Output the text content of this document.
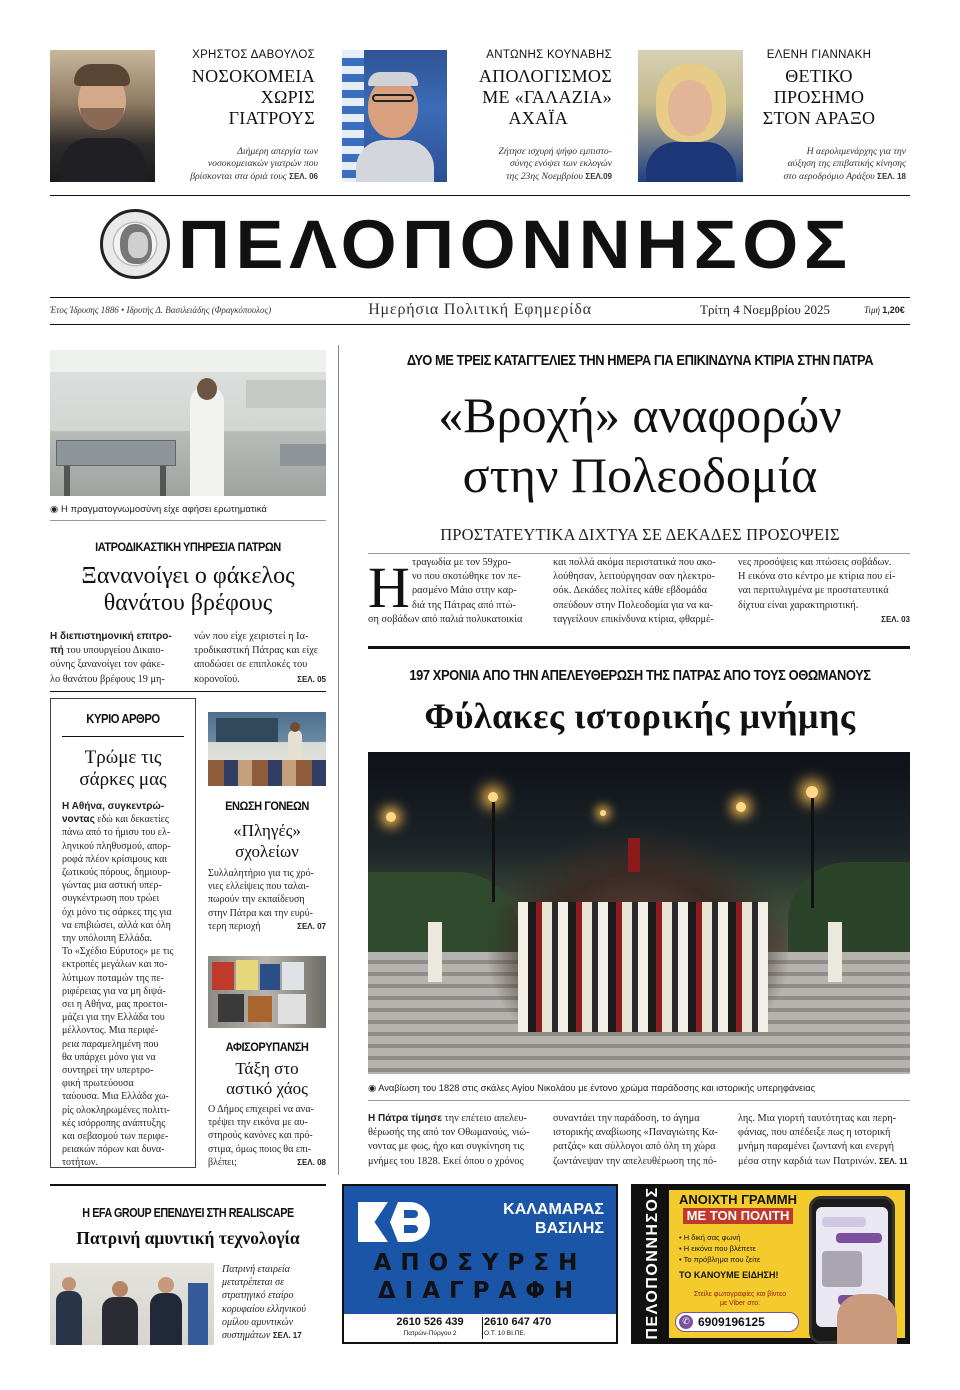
ΧΡΗΣΤΟΣ ΔΑΒΟΥΛΟΣ
ΝΟΣΟΚΟΜΕΙΑ
ΧΩΡΙΣ
ΓΙΑΤΡΟΥΣ
Διήμερη απεργία των
νοσοκομειακών γιατρών που
βρίσκονται στα όριά τους ΣΕΛ. 06
ΑΝΤΩΝΗΣ ΚΟΥΝΑΒΗΣ
ΑΠΟΛΟΓΙΣΜΟΣ
ΜΕ «ΓΑΛΑΖΙΑ»
ΑΧΑΪΑ
Ζήτησε ισχυρή ψήφο εμπιστο-
σύνης ενόψει των εκλογών
της 23ης Νοεμβρίου ΣΕΛ.09
ΕΛΕΝΗ ΓΙΑΝΝΑΚΗ
ΘΕΤΙΚΟ
ΠΡΟΣΗΜΟ
ΣΤΟΝ ΑΡΑΞΟ
Η αερολιμενάρχης για την
αύξηση της επιβατικής κίνησης
στο αεροδρόμιο Αράξου ΣΕΛ. 18
ΠΕΛΟΠΟΝΝΗΣΟΣ
Έτος Ίδρυσης 1886 • Ιδρυτής Δ. Βασιλειάδης (Φραγκόπουλος)	Ημερήσια Πολιτική Εφημερίδα	Τρίτη 4 Νοεμβρίου 2025	Τιμή 1,20€
◉ Η πραγματογνωμοσύνη είχε αφήσει ερωτηματικά
ΙΑΤΡΟΔΙΚΑΣΤΙΚΗ ΥΠΗΡΕΣΙΑ ΠΑΤΡΩΝ
Ξανανοίγει ο φάκελος
θανάτου βρέφους
Η διεπιστημονική επιτρο-
πή του υπουργείου Δικαιο-
σύνης ξανανοίγει τον φάκε-
λο θανάτου βρέφους 19 μη-
νών που είχε χειριστεί η Ια-
τροδικαστική Πάτρας και είχε
αποδώσει σε επιπλοκές του
κορονοϊού.	ΣΕΛ. 05
ΚΥΡΙΟ ΑΡΘΡΟ
Τρώμε τις
σάρκες μας
Η Αθήνα, συγκεντρώ-
νοντας εδώ και δεκαετίες
πάνω από το ήμισυ του ελ-
ληνικού πληθυσμού, απορ-
ροφά πλέον κρίσιμους και
ζωτικούς πόρους, δημιουρ-
γώντας μια αστική υπερ-
συγκέντρωση που τρώει
όχι μόνο τις σάρκες της για
να επιβιώσει, αλλά και όλη
την υπόλοιπη Ελλάδα.
Το «Σχέδιο Εύρυτος» με τις
εκτροπές μεγάλων και πο-
λύτιμων ποταμών της πε-
ριφέρειας για να μη διψά-
σει η Αθήνα, μας προετοι-
μάζει για την Ελλάδα του
μέλλοντος. Μια περιφέ-
ρεια παραμελημένη που
θα υπάρχει μόνο για να
συντηρεί την υπερτρο-
φική πρωτεύουσα
ταύουσα. Μια Ελλάδα χω-
ρίς ολοκληρωμένες πολιτι-
κές ισόρροπης ανάπτυξης
και σεβασμού των περιφε-
ρειακών πόρων και δυνα-
τοτήτων.
ΕΝΩΣΗ ΓΟΝΕΩΝ
«Πληγές»
σχολείων
Συλλαλητήριο για τις χρό-
νιες ελλείψεις που ταλαι-
πωρούν την εκπαίδευση
στην Πάτρα και την ευρύ-
τερη περιοχή	ΣΕΛ. 07
ΑΦΙΣΟΡΥΠΑΝΣΗ
Τάξη στο
αστικό χάος
Ο Δήμος επιχειρεί να ανα-
τρέψει την εικόνα με αυ-
στηρούς κανόνες και πρό-
στιμα, όμως ποιος θα επι-
βλέπει;	ΣΕΛ. 08
ΔΥΟ ΜΕ ΤΡΕΙΣ ΚΑΤΑΓΓΕΛΙΕΣ ΤΗΝ ΗΜΕΡΑ ΓΙΑ ΕΠΙΚΙΝΔΥΝΑ ΚΤΙΡΙΑ ΣΤΗΝ ΠΑΤΡΑ
«Βροχή» αναφορών
στην Πολεοδομία
ΠΡΟΣΤΑΤΕΥΤΙΚΑ ΔΙΧΤΥΑ ΣΕ ΔΕΚΑΔΕΣ ΠΡΟΣΟΨΕΙΣ
Η τραγωδία με τον 59χρο-
νο που σκοτώθηκε τον πε-
ρασμένο Μάιο στην καρ-
διά της Πάτρας από πτώ-
ση σοβάδων από παλιά πολυκατοικία
και πολλά ακόμα περιστατικά που ακο-
λούθησαν, λειτούργησαν σαν ηλεκτρο-
σόκ. Δεκάδες πολίτες κάθε εβδομάδα
σπεύδουν στην Πολεοδομία για να κα-
ταγγείλουν επικίνδυνα κτίρια, φθαρμέ-
νες προσόψεις και πτώσεις σοβάδων.
Η εικόνα στο κέντρο με κτίρια που εί-
ναι περιτυλιγμένα με προστατευτικά
δίχτυα είναι χαρακτηριστική.
ΣΕΛ. 03
197 ΧΡΟΝΙΑ ΑΠΟ ΤΗΝ ΑΠΕΛΕΥΘΕΡΩΣΗ ΤΗΣ ΠΑΤΡΑΣ ΑΠΟ ΤΟΥΣ ΟΘΩΜΑΝΟΥΣ
Φύλακες ιστορικής μνήμης
◉ Αναβίωση του 1828 στις σκάλες Αγίου Νικολάου με έντονο χρώμα παράδοσης και ιστορικής υπερηφάνειας
Η Πάτρα τίμησε την επέτειο απελευ-
θέρωσής της από τον Οθωμανούς, νιώ-
νοντας με φως, ήχο και συγκίνηση τις
μνήμες του 1828. Εκεί όπου ο χρόνος
συναντάει την παράδοση, το άγημα
ιστορικής αναβίωσης «Παναγιώτης Κα-
ρατζάς» και σύλλογοι από όλη τη χώρα
ζωντάνεψαν την απελευθέρωση της πό-
λης. Μια γιορτή ταυτότητας και περη-
φάνιας, που απέδειξε πως η ιστορική
μνήμη παραμένει ζωντανή και ενεργή
μέσα στην καρδιά των Πατρινών. ΣΕΛ. 11
Η EFA GROUP ΕΠΕΝΔΥΕΙ ΣΤΗ REALISCAPE
Πατρινή αμυντική τεχνολογία
Πατρινή εταιρεία
μετατρέπεται σε
στρατηγικό εταίρο
κορυφαίου ελληνικού
ομίλου αμυντικών
συστημάτων ΣΕΛ. 17
ΚΑΛΑΜΑΡΑΣ
ΒΑΣΙΛΗΣ
ΑΠΟΣΥΡΣΗ
ΔΙΑΓΡΑΦΗ
2610 526 439
Πατρών-Πύργου 2
2610 647 470
Ο.Τ. 10 ΒΙ.ΠΕ.	ΠΕΛΟΠΟΝΝΗΣΟΣ	ΑΝΟΙΧΤΗ ΓΡΑΜΜΗ
ΜΕ ΤΟΝ ΠΟΛΙΤΗ
• Η δική σας φωνή
• Η εικόνα που βλέπετε
• Το πρόβλημα που ζείτε
ΤΟ ΚΑΝΟΥΜΕ ΕΙΔΗΣΗ!
Στείλε φωτογραφίες και βίντεο
με Viber στο:
✆ 6909196125
